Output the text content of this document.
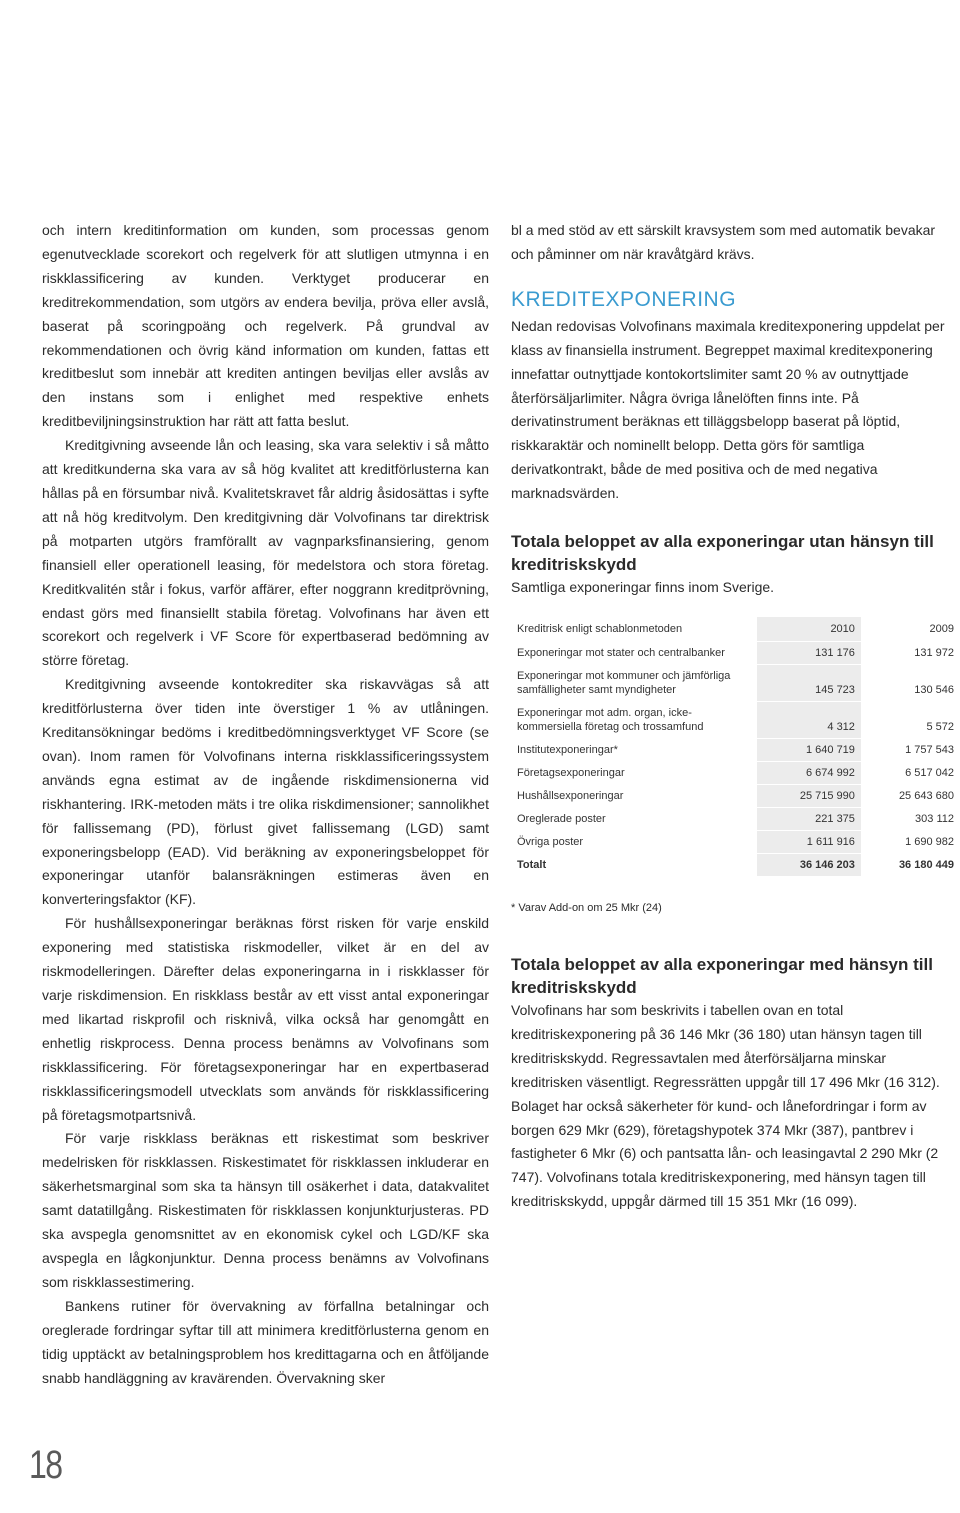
och intern kreditinformation om kunden, som processas genom egenutvecklade scorekort och regelverk för att slutligen utmynna i en riskklassificering av kunden. Verktyget producerar en kreditrekommendation, som utgörs av endera bevilja, pröva eller avslå, baserat på scoringpoäng och regelverk. På grundval av rekommendationen och övrig känd information om kunden, fattas ett kreditbeslut som innebär att krediten antingen beviljas eller avslås av den instans som i enlighet med respektive enhets kreditbeviljningsinstruktion har rätt att fatta beslut.

Kreditgivning avseende lån och leasing, ska vara selektiv i så måtto att kreditkunderna ska vara av så hög kvalitet att kreditförlusterna kan hållas på en försumbar nivå. Kvalitetskravet får aldrig åsidosättas i syfte att nå hög kreditvolym. Den kreditgivning där Volvofinans tar direktrisk på motparten utgörs framförallt av vagnparksfinansiering, genom finansiell eller operationell leasing, för medelstora och stora företag. Kreditkvalitén står i fokus, varför affärer, efter noggrann kreditprövning, endast görs med finansiellt stabila företag. Volvofinans har även ett scorekort och regelverk i VF Score för expertbaserad bedömning av större företag.

Kreditgivning avseende kontokrediter ska riskavvägas så att kreditförlusterna över tiden inte överstiger 1 % av utlåningen. Kreditansökningar bedöms i kreditbedömningsverktyget VF Score (se ovan). Inom ramen för Volvofinans interna riskklassificeringssystem används egna estimat av de ingående riskdimensionerna vid riskhantering. IRK-metoden mäts i tre olika riskdimensioner; sannolikhet för fallissemang (PD), förlust givet fallissemang (LGD) samt exponeringsbelopp (EAD). Vid beräkning av exponeringsbeloppet för exponeringar utanför balansräkningen estimeras även en konverteringsfaktor (KF).

För hushållsexponeringar beräknas först risken för varje enskild exponering med statistiska riskmodeller, vilket är en del av riskmodelleringen. Därefter delas exponeringarna in i riskklasser för varje riskdimension. En riskklass består av ett visst antal exponeringar med likartad riskprofil och risknivå, vilka också har genomgått en enhetlig riskprocess. Denna process benämns av Volvofinans som riskklassificering. För företagsexponeringar har en expertbaserad riskklassificeringsmodell utvecklats som används för riskklassificering på företagsmotpartsnivå.

För varje riskklass beräknas ett riskestimat som beskriver medelrisken för riskklassen. Riskestimatet för riskklassen inkluderar en säkerhetsmarginal som ska ta hänsyn till osäkerhet i data, datakvalitet samt datatillgång. Riskestimaten för riskklassen konjunkturjusteras. PD ska avspegla genomsnittet av en ekonomisk cykel och LGD/KF ska avspegla en lågkonjunktur. Denna process benämns av Volvofinans som riskklassestimering.

Bankens rutiner för övervakning av förfallna betalningar och oreglerade fordringar syftar till att minimera kreditförlusterna genom en tidig upptäckt av betalningsproblem hos kredittagarna och en åtföljande snabb handläggning av kravärenden. Övervakning sker

bl a med stöd av ett särskilt kravsystem som med automatik bevakar och påminner om när kravåtgärd krävs.

KREDITEXPONERING

Nedan redovisas Volvofinans maximala kreditexponering uppdelat per klass av finansiella instrument. Begreppet maximal kreditexponering innefattar outnyttjade kontokortslimiter samt 20 % av outnyttjade återförsäljarlimiter. Några övriga lånelöften finns inte. På derivatinstrument beräknas ett tilläggsbelopp baserat på löptid, riskkaraktär och nominellt belopp. Detta görs för samtliga derivatkontrakt, både de med positiva och de med negativa marknadsvärden.

Totala beloppet av alla exponeringar utan hänsyn till kreditriskskydd

Samtliga exponeringar finns inom Sverige.

Kreditrisk enligt schablonmetoden	2010	2009
Exponeringar mot stater och centralbanker	131 176	131 972
Exponeringar mot kommuner och jämförliga samfälligheter samt myndigheter	145 723	130 546
Exponeringar mot adm. organ, icke-kommersiella företag och trossamfund	4 312	5 572
Institutexponeringar*	1 640 719	1 757 543
Företagsexponeringar	6 674 992	6 517 042
Hushållsexponeringar	25 715 990	25 643 680
Oreglerade poster	221 375	303 112
Övriga poster	1 611 916	1 690 982
Totalt	36 146 203	36 180 449
* Varav Add-on om 25 Mkr (24)
Totala beloppet av alla exponeringar med hänsyn till kreditriskskydd

Volvofinans har som beskrivits i tabellen ovan en total kreditriskexponering på 36 146 Mkr (36 180) utan hänsyn tagen till kreditriskskydd. Regressavtalen med återförsäljarna minskar kreditrisken väsentligt. Regressrätten uppgår till 17 496 Mkr (16 312). Bolaget har också säkerheter för kund- och lånefordringar i form av borgen 629 Mkr (629), företagshypotek 374 Mkr (387), pantbrev i fastigheter 6 Mkr (6) och pantsatta lån- och leasingavtal 2 290 Mkr (2 747). Volvofinans totala kreditriskexponering, med hänsyn tagen till kreditriskskydd, uppgår därmed till 15 351 Mkr (16 099).

18
